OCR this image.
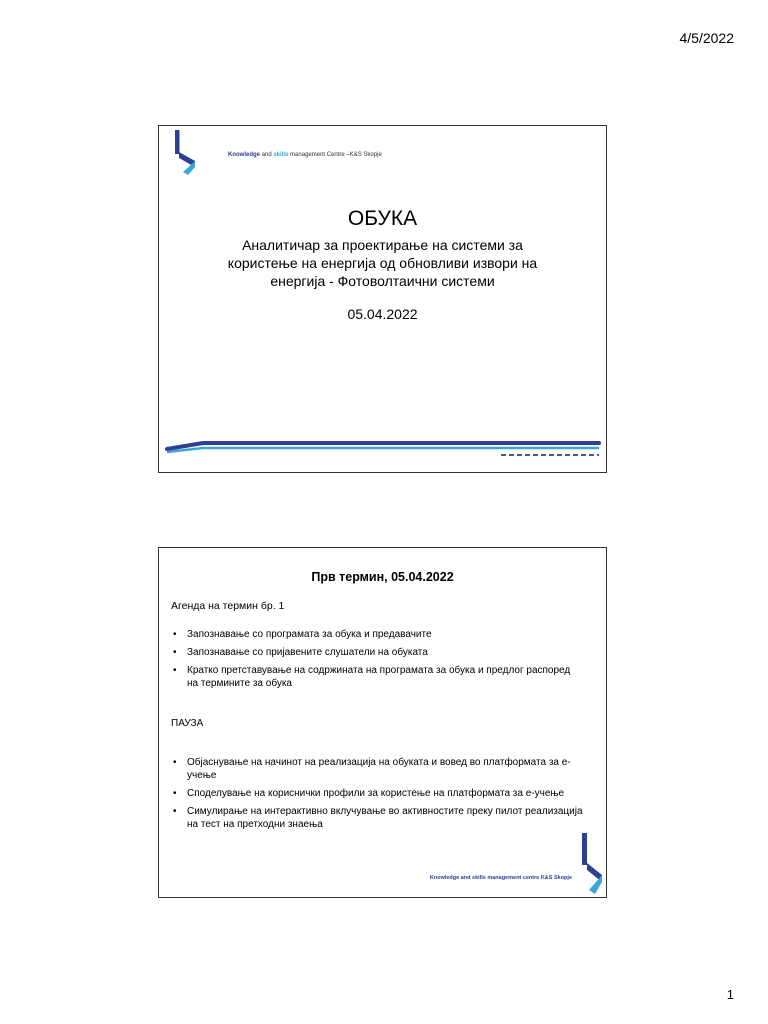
4/5/2022
Knowledge and skills management Centre –K&S Skopje
ОБУКА
Аналитичар за проектирање на системи за користење на енергија од обновливи извори на енергија - Фотоволтаични системи
05.04.2022
Прв термин, 05.04.2022
Агенда на термин бр. 1
• Запознавање со програмата за обука и предавачите
• Запознавање со пријавените слушатели на обуката
• Кратко претставување на содржината на програмата за обука и предлог распоред на термините за обука
ПАУЗА
• Објаснување на начинот на реализација на обуката и вовед во платформата за е-учење
• Споделување на кориснички профили за користење на платформата за е-учење
• Симулирање на интерактивно вклучување во активностите преку пилот реализација на тест на претходни знаења
Knowledge and skills management centre K&S Skopje
1
